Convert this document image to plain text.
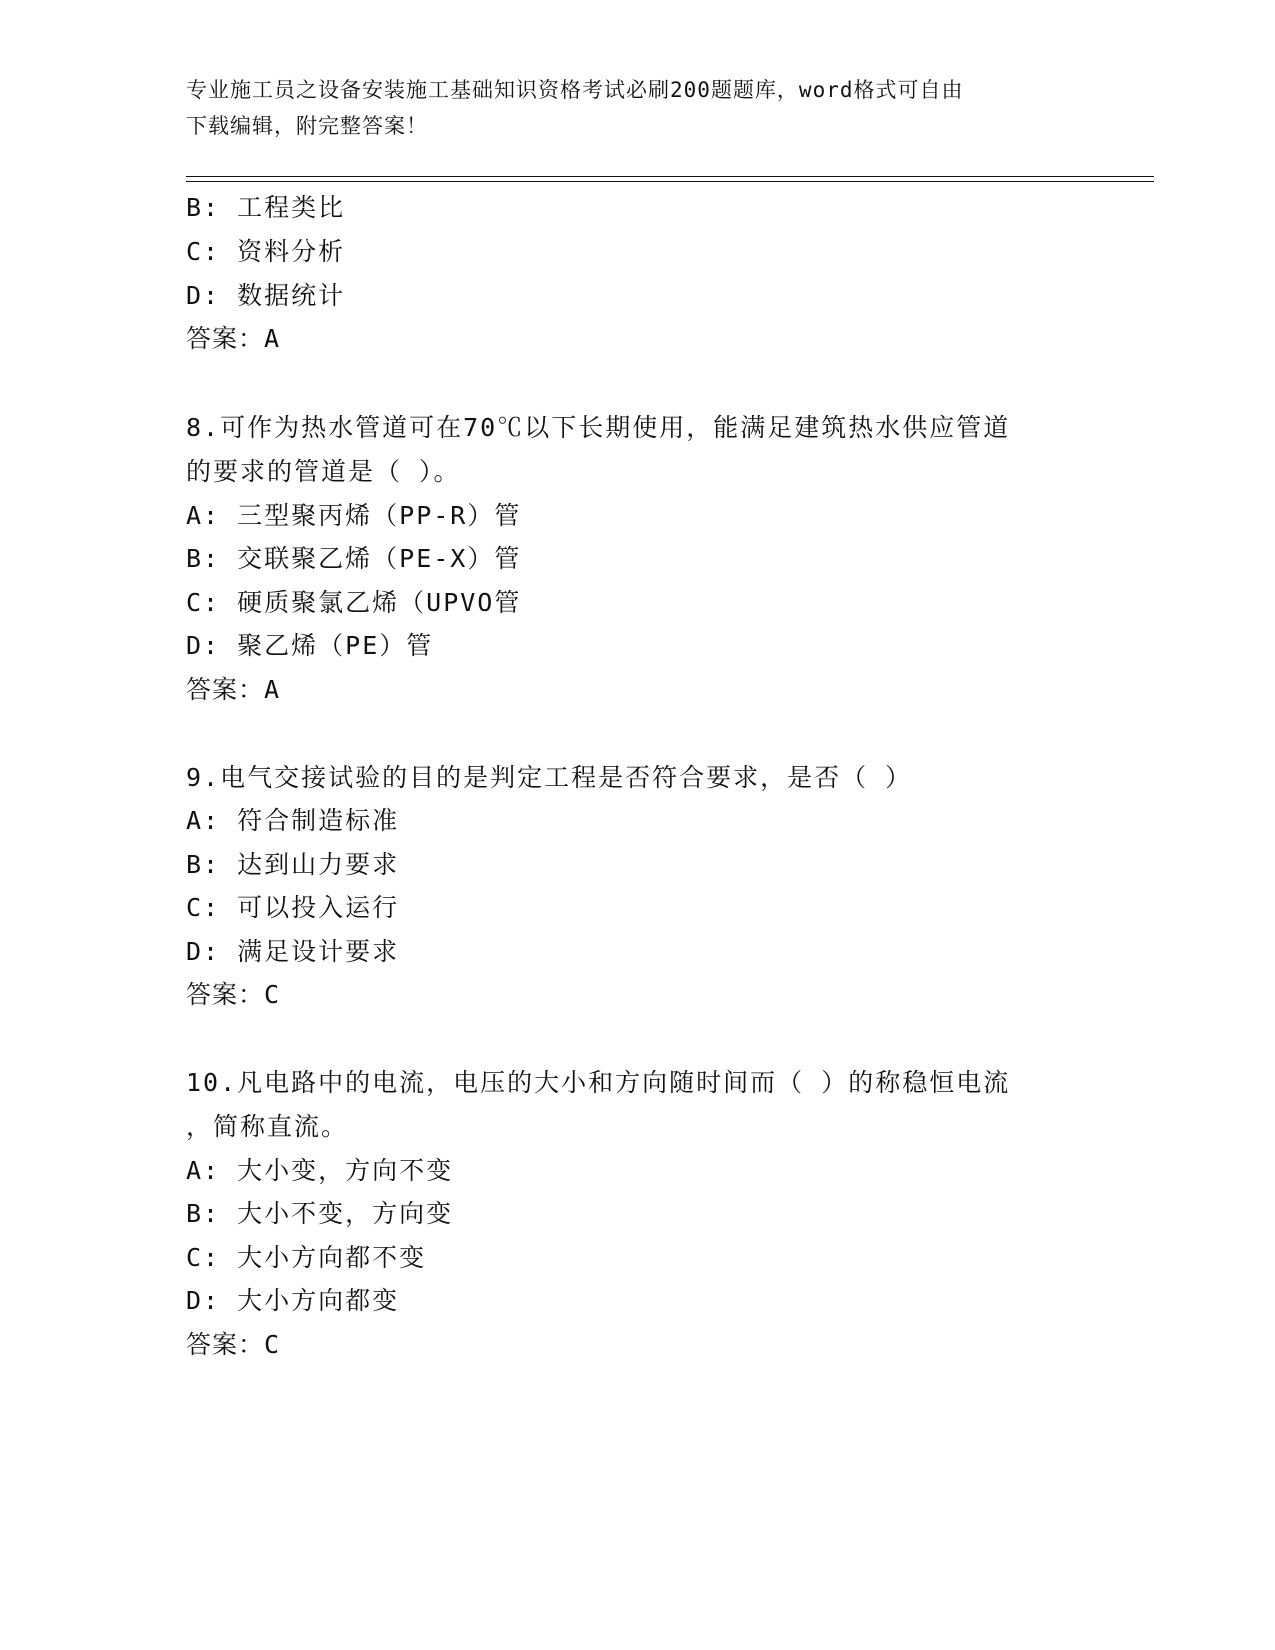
专业施工员之设备安装施工基础知识资格考试必刷200题题库，word格式可自由
下载编辑，附完整答案！
B: 工程类比
C: 资料分析
D: 数据统计
答案：A
8.可作为热水管道可在70℃以下长期使用，能满足建筑热水供应管道
的要求的管道是（ ）。
A: 三型聚丙烯（PP-R）管
B: 交联聚乙烯（PE-X）管
C: 硬质聚氯乙烯（UPVO管
D: 聚乙烯（PE）管
答案：A
9.电气交接试验的目的是判定工程是否符合要求，是否（ ）
A: 符合制造标准
B: 达到山力要求
C: 可以投入运行
D: 满足设计要求
答案：C
10.凡电路中的电流，电压的大小和方向随时间而（ ）的称稳恒电流
，简称直流。
A: 大小变，方向不变
B: 大小不变，方向变
C: 大小方向都不变
D: 大小方向都变
答案：C
